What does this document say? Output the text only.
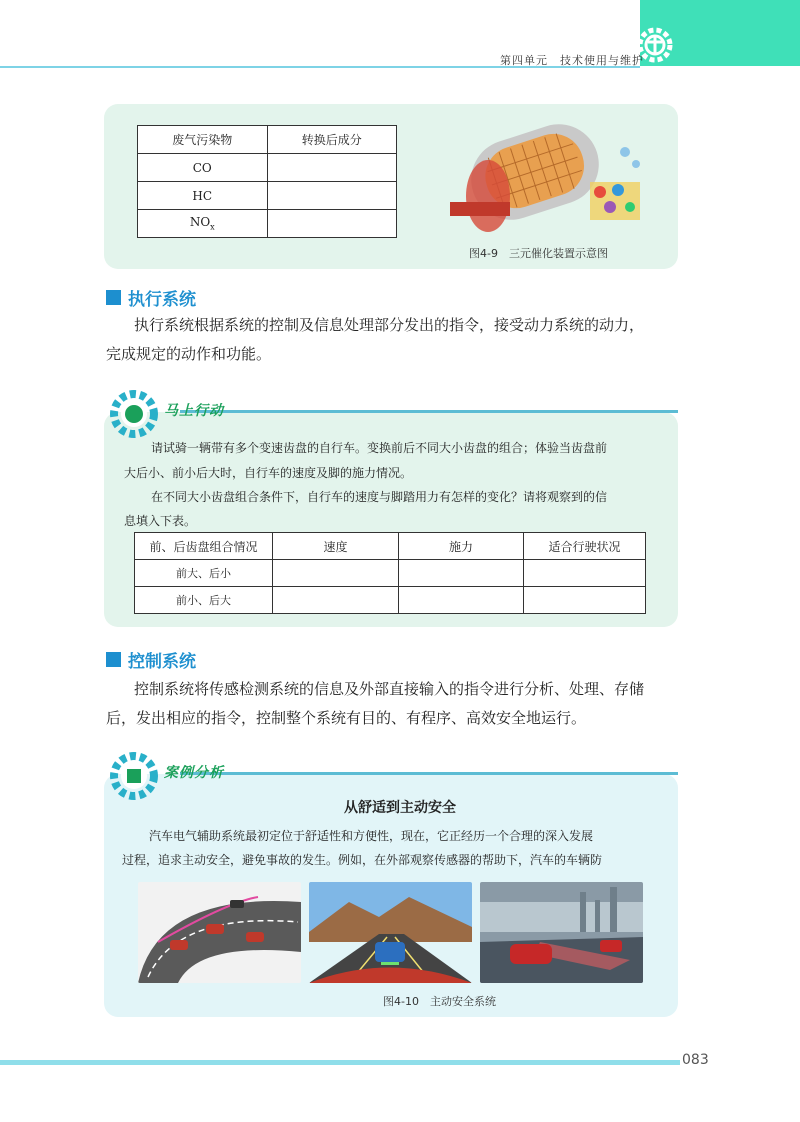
第四单元　技术使用与维护
废气污染物	转换后成分
CO	
HC	
$NO_x$	
图4-9　三元催化装置示意图
执行系统
执行系统根据系统的控制及信息处理部分发出的指令，接受动力系统的动力，
完成规定的动作和功能。
马上行动
请试骑一辆带有多个变速齿盘的自行车。变换前后不同大小齿盘的组合；体验当齿盘前
大后小、前小后大时，自行车的速度及脚的施力情况。
在不同大小齿盘组合条件下，自行车的速度与脚踏用力有怎样的变化？请将观察到的信
息填入下表。
前、后齿盘组合情况	速度	施力	适合行驶状况
前大、后小			
前小、后大			
控制系统
控制系统将传感检测系统的信息及外部直接输入的指令进行分析、处理、存储
后，发出相应的指令，控制整个系统有目的、有程序、高效安全地运行。
案例分析
从舒适到主动安全
汽车电气辅助系统最初定位于舒适性和方便性，现在，它正经历一个合理的深入发展
过程，追求主动安全，避免事故的发生。例如，在外部观察传感器的帮助下，汽车的车辆防
图4-10　主动安全系统
083
